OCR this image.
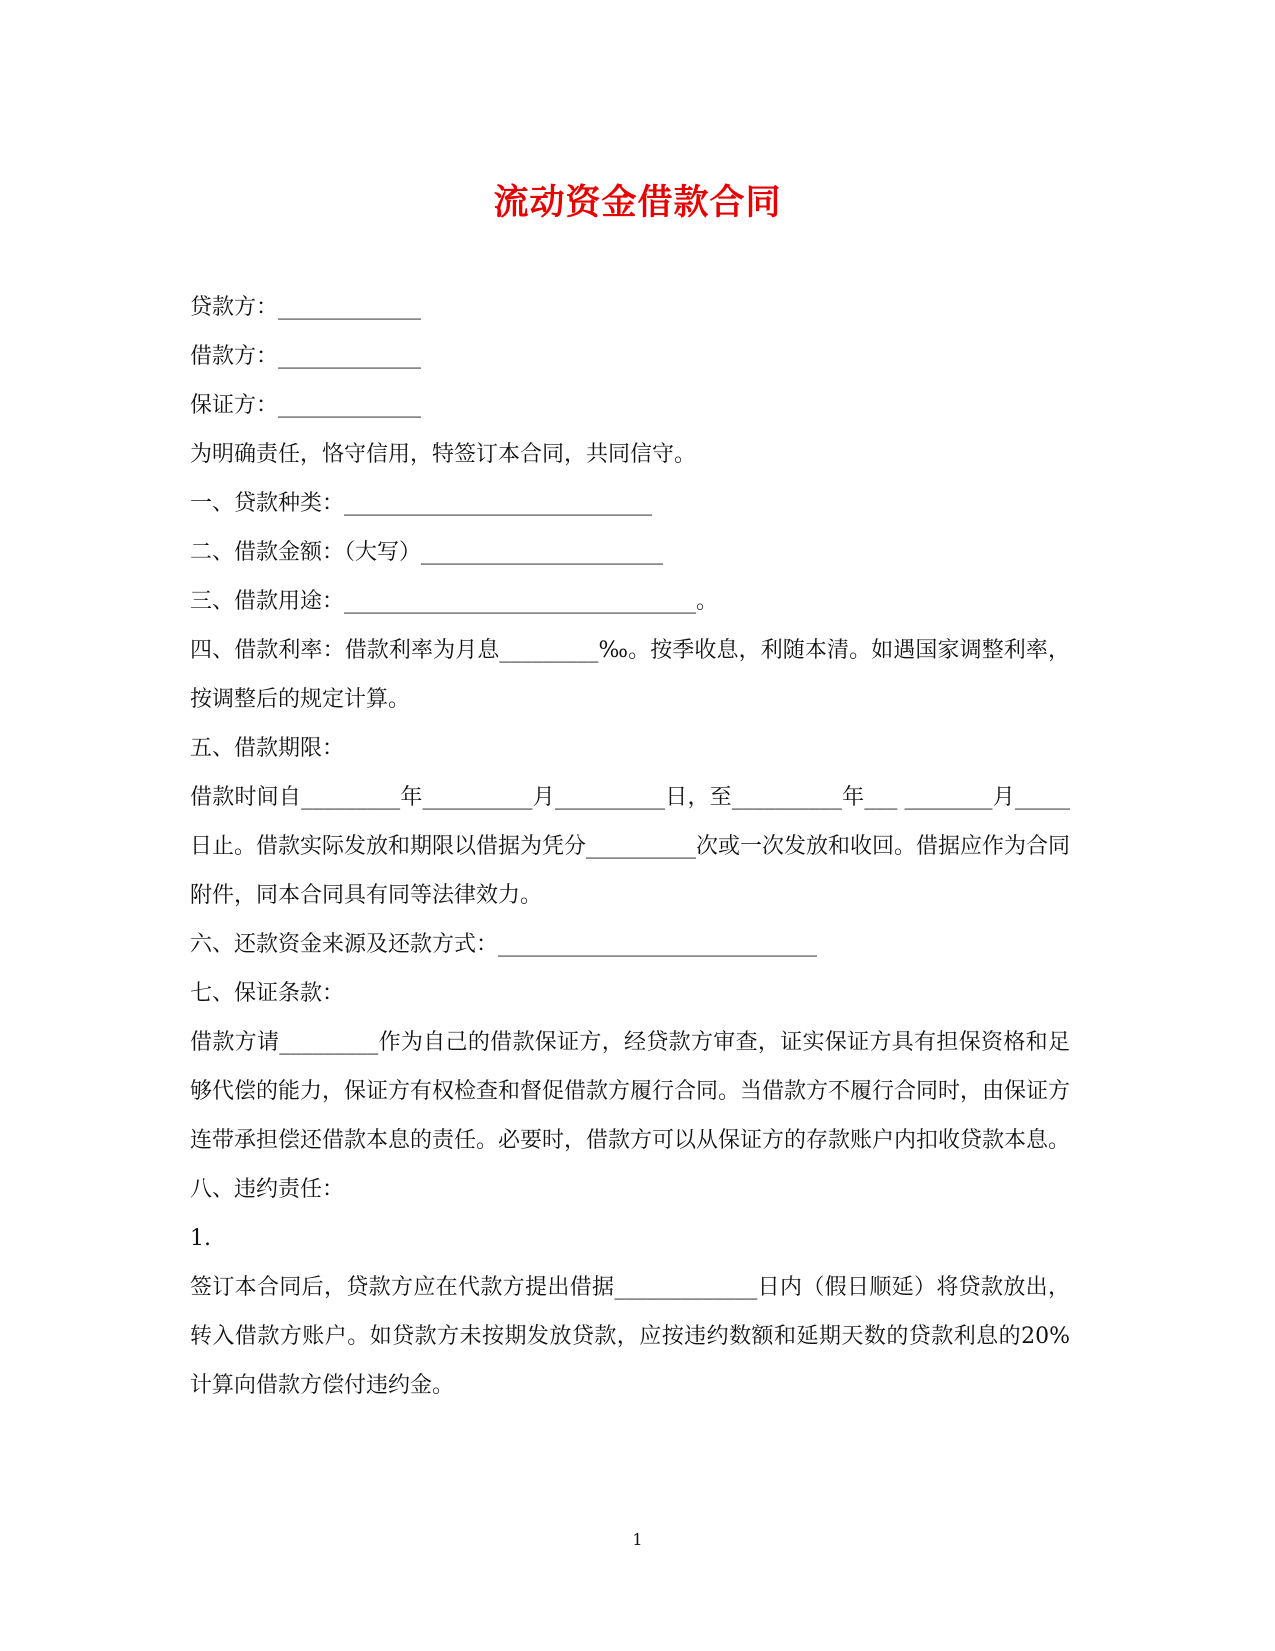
流动资金借款合同
贷款方：_____________
借款方：_____________
保证方：_____________
为明确责任，恪守信用，特签订本合同，共同信守。
一、贷款种类：____________________________
二、借款金额：（大写）______________________
三、借款用途：________________________________。
四、借款利率：借款利率为月息_________‰。按季收息，利随本清。如遇国家调整利率，按调整后的规定计算。
五、借款期限：
借款时间自_________年__________月__________日，至__________年___ ________月_____日止。借款实际发放和期限以借据为凭分__________次或一次发放和收回。借据应作为合同附件，同本合同具有同等法律效力。
六、还款资金来源及还款方式：_____________________________
七、保证条款：
借款方请_________作为自己的借款保证方，经贷款方审查，证实保证方具有担保资格和足够代偿的能力，保证方有权检查和督促借款方履行合同。当借款方不履行合同时，由保证方连带承担偿还借款本息的责任。必要时，借款方可以从保证方的存款账户内扣收贷款本息。
八、违约责任：
1.
签订本合同后，贷款方应在代款方提出借据_____________日内（假日顺延）将贷款放出，转入借款方账户。如贷款方未按期发放贷款，应按违约数额和延期天数的贷款利息的20%计算向借款方偿付违约金。
1
